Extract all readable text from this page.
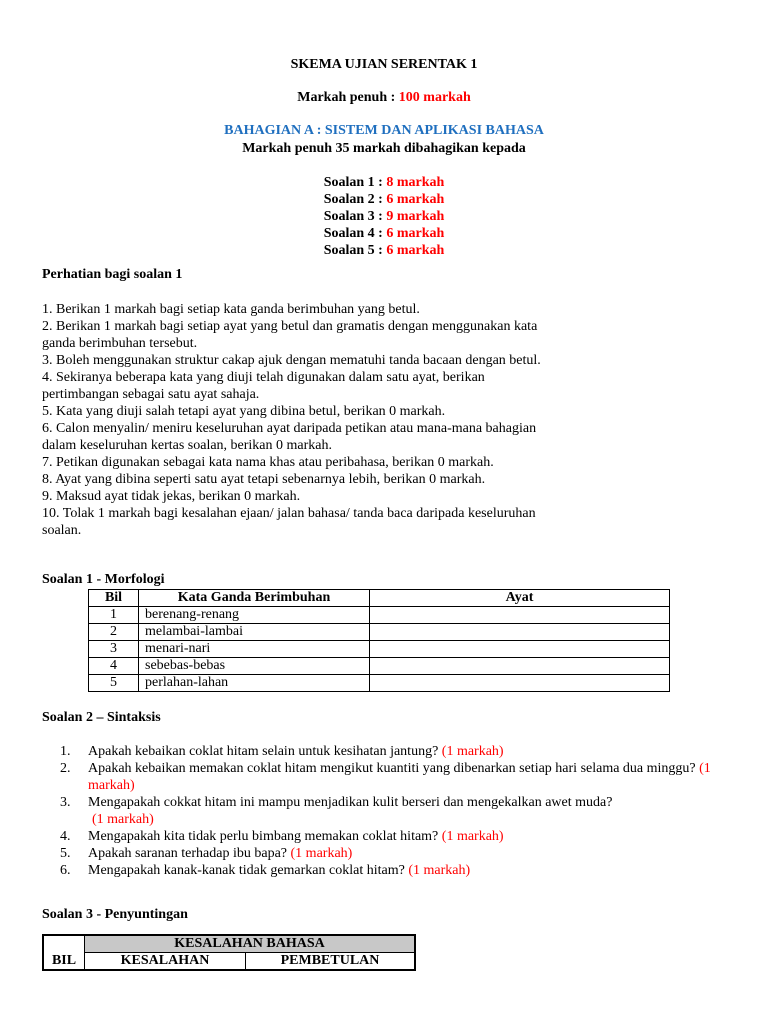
SKEMA UJIAN SERENTAK 1
Markah penuh : 100 markah
BAHAGIAN A : SISTEM DAN APLIKASI BAHASA
Markah penuh 35 markah dibahagikan kepada
Soalan 1 : 8 markah
Soalan 2 : 6 markah
Soalan 3 : 9 markah
Soalan 4 : 6 markah
Soalan 5 : 6 markah
Perhatian bagi soalan 1
1. Berikan 1 markah bagi setiap kata ganda berimbuhan yang betul.
2. Berikan 1 markah bagi setiap ayat yang betul dan gramatis dengan menggunakan kata
ganda berimbuhan tersebut.
3. Boleh menggunakan struktur cakap ajuk dengan mematuhi tanda bacaan dengan betul.
4. Sekiranya beberapa kata yang diuji telah digunakan dalam satu ayat, berikan
pertimbangan sebagai satu ayat sahaja.
5. Kata yang diuji salah tetapi ayat yang dibina betul, berikan 0 markah.
6. Calon menyalin/ meniru keseluruhan ayat daripada petikan atau mana-mana bahagian
dalam keseluruhan kertas soalan, berikan 0 markah.
7. Petikan digunakan sebagai kata nama khas atau peribahasa, berikan 0 markah.
8. Ayat yang dibina seperti satu ayat tetapi sebenarnya lebih, berikan 0 markah.
9. Maksud ayat tidak jekas, berikan 0 markah.
10. Tolak 1 markah bagi kesalahan ejaan/ jalan bahasa/ tanda baca daripada keseluruhan
soalan.
Soalan 1 - Morfologi
Bil	Kata Ganda Berimbuhan	Ayat
1	berenang-renang	
2	melambai-lambai	
3	menari-nari	
4	sebebas-bebas	
5	perlahan-lahan	
Soalan 2 – Sintaksis
1. Apakah kebaikan coklat hitam selain untuk kesihatan jantung? (1 markah)
2. Apakah kebaikan memakan coklat hitam mengikut kuantiti yang dibenarkan setiap hari selama dua minggu? (1 markah)
3. Mengapakah cokkat hitam ini mampu menjadikan kulit berseri dan mengekalkan awet muda?
(1 markah)
4. Mengapakah kita tidak perlu bimbang memakan coklat hitam? (1 markah)
5. Apakah saranan terhadap ibu bapa? (1 markah)
6. Mengapakah kanak-kanak tidak gemarkan coklat hitam? (1 markah)
Soalan 3 - Penyuntingan
BIL	KESALAHAN BAHASA	
	KESALAHAN	PEMBETULAN
